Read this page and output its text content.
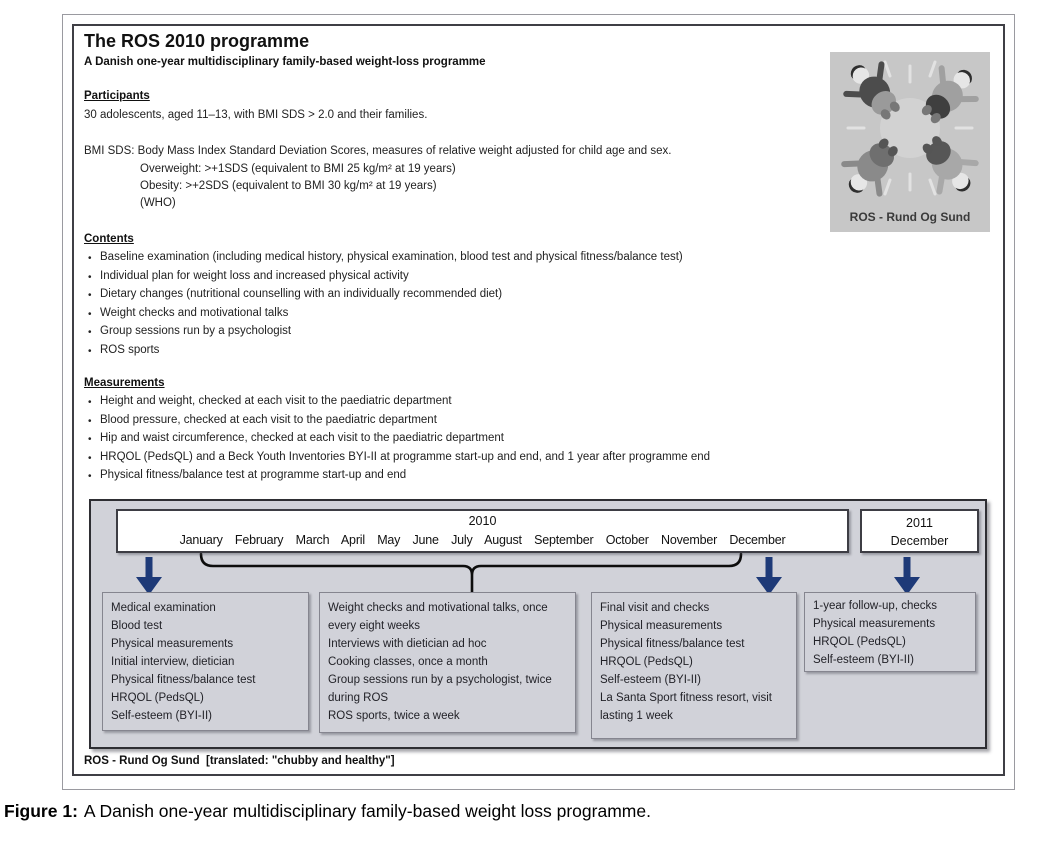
The ROS 2010 programme
A Danish one-year multidisciplinary family-based weight-loss programme
Participants
30 adolescents, aged 11–13, with BMI SDS > 2.0 and their families.
BMI SDS: Body Mass Index Standard Deviation Scores, measures of relative weight adjusted for child age and sex.
Overweight: >+1SDS (equivalent to BMI 25 kg/m² at 19 years)
Obesity: >+2SDS (equivalent to BMI 30 kg/m² at 19 years)
(WHO)
Contents
• Baseline examination (including medical history, physical examination, blood test and physical fitness/balance test)
• Individual plan for weight loss and increased physical activity
• Dietary changes (nutritional counselling with an individually recommended diet)
• Weight checks and motivational talks
• Group sessions run by a psychologist
• ROS sports
Measurements
• Height and weight, checked at each visit to the paediatric department
• Blood pressure, checked at each visit to the paediatric department
• Hip and waist circumference, checked at each visit to the paediatric department
• HRQOL (PedsQL) and a Beck Youth Inventories BYI-II at programme start-up and end, and 1 year after programme end
• Physical fitness/balance test at programme start-up and end
ROS - Rund Og Sund
2010
January February March April May June July August September October November December
2011
December
Medical examination
Blood test
Physical measurements
Initial interview, dietician
Physical fitness/balance test
HRQOL (PedsQL)
Self-esteem (BYI-II)
Weight checks and motivational talks, once every eight weeks
Interviews with dietician ad hoc
Cooking classes, once a month
Group sessions run by a psychologist, twice during ROS
ROS sports, twice a week
Final visit and checks
Physical measurements
Physical fitness/balance test
HRQOL (PedsQL)
Self-esteem (BYI-II)
La Santa Sport fitness resort, visit lasting 1 week
1-year follow-up, checks
Physical measurements
HRQOL (PedsQL)
Self-esteem (BYI-II)
ROS - Rund Og Sund  [translated: "chubby and healthy"]
Figure 1: A Danish one-year multidisciplinary family-based weight loss programme.
